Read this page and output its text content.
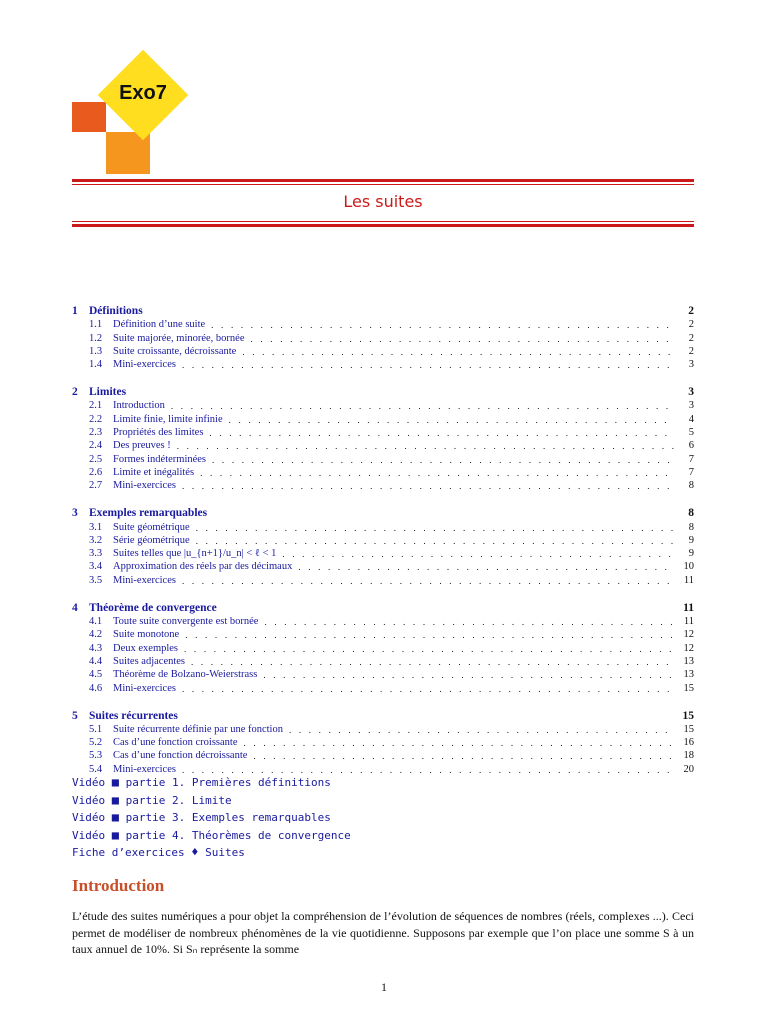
Exo7
Les suites
1 Définitions	2
1.1	Définition d’une suite . . .	2
1.2	Suite majorée, minorée, bornée . . .	2
1.3	Suite croissante, décroissante . . .	2
1.4	Mini-exercices . . .	3
2 Limites	3
2.1	Introduction . . .	3
2.2	Limite finie, limite infinie . . .	4
2.3	Propriétés des limites . . .	5
2.4	Des preuves ! . . .	6
2.5	Formes indéterminées . . .	7
2.6	Limite et inégalités . . .	7
2.7	Mini-exercices . . .	8
3 Exemples remarquables	8
3.1	Suite géométrique . . .	8
3.2	Série géométrique . . .	9
3.3	Suites telles que |u_{n+1}/u_n| < ℓ < 1 . . .	9
3.4	Approximation des réels par des décimaux . . .	10
3.5	Mini-exercices . . .	11
4 Théorème de convergence	11
4.1	Toute suite convergente est bornée . . .	11
4.2	Suite monotone . . .	12
4.3	Deux exemples . . .	12
4.4	Suites adjacentes . . .	13
4.5	Théorème de Bolzano-Weierstrass . . .	13
4.6	Mini-exercices . . .	15
5 Suites récurrentes	15
5.1	Suite récurrente définie par une fonction . . .	15
5.2	Cas d’une fonction croissante . . .	16
5.3	Cas d’une fonction décroissante . . .	18
5.4	Mini-exercices . . .	20
Vidéo ■ partie 1. Premières définitions
Vidéo ■ partie 2. Limite
Vidéo ■ partie 3. Exemples remarquables
Vidéo ■ partie 4. Théorèmes de convergence
Fiche d’exercices ♦ Suites
Introduction
L’étude des suites numériques a pour objet la compréhension de l’évolution de séquences de nombres (réels, complexes ...). Ceci permet de modéliser de nombreux phénomènes de la vie quotidienne. Supposons par exemple que l’on place une somme S à un taux annuel de 10%. Si Sₙ représente la somme
1
